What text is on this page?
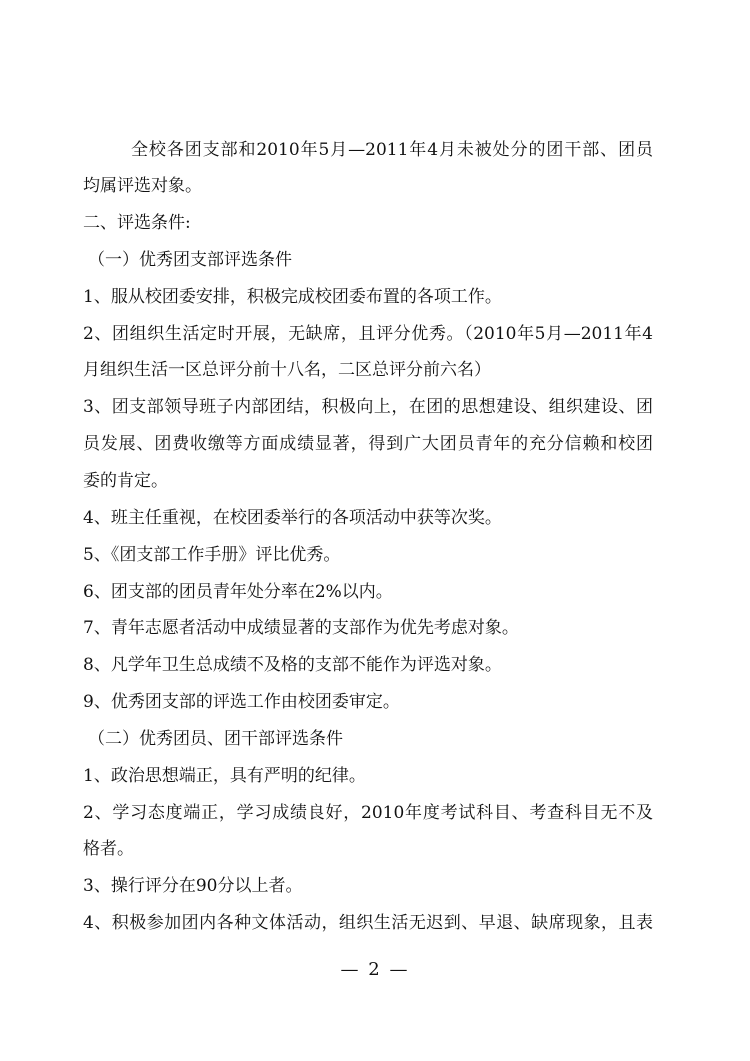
全校各团支部和2010年5月—2011年4月未被处分的团干部、团员
均属评选对象。
二、评选条件:
（一）优秀团支部评选条件
1、服从校团委安排，积极完成校团委布置的各项工作。
2、团组织生活定时开展，无缺席，且评分优秀。（2010年5月—2011年4
月组织生活一区总评分前十八名，二区总评分前六名）
3、团支部领导班子内部团结，积极向上，在团的思想建设、组织建设、团
员发展、团费收缴等方面成绩显著，得到广大团员青年的充分信赖和校团
委的肯定。
4、班主任重视，在校团委举行的各项活动中获等次奖。
5、《团支部工作手册》评比优秀。
6、团支部的团员青年处分率在2%以内。
7、青年志愿者活动中成绩显著的支部作为优先考虑对象。
8、凡学年卫生总成绩不及格的支部不能作为评选对象。
9、优秀团支部的评选工作由校团委审定。
（二）优秀团员、团干部评选条件
1、政治思想端正，具有严明的纪律。
2、学习态度端正，学习成绩良好，2010年度考试科目、考查科目无不及
格者。
3、操行评分在90分以上者。
4、积极参加团内各种文体活动，组织生活无迟到、早退、缺席现象，且表
— 2 —
